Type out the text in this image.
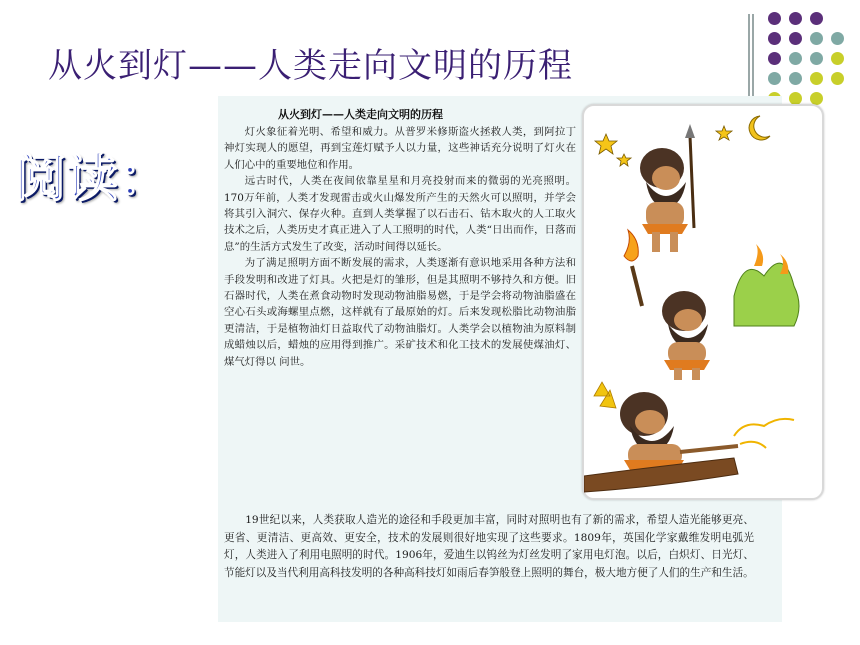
从火到灯——人类走向文明的历程
阅读：
从火到灯——人类走向文明的历程

灯火象征着光明、希望和威力。从普罗米修斯盗火拯救人类，到阿拉丁神灯实现人的愿望，再到宝莲灯赋予人以力量，这些神话充分说明了灯火在人们心中的重要地位和作用。

远古时代，人类在夜间依靠星星和月亮投射而来的微弱的光亮照明。170万年前，人类才发现雷击或火山爆发所产生的天然火可以照明，并学会将其引入洞穴、保存火种。直到人类掌握了以石击石、钻木取火的人工取火技术之后，人类历史才真正进入了人工照明的时代，人类“日出而作，日落而息”的生活方式发生了改变，活动时间得以延长。

为了满足照明方面不断发展的需求，人类逐渐有意识地采用各种方法和手段发明和改进了灯具。火把是灯的雏形，但是其照明不够持久和方便。旧石器时代，人类在煮食动物时发现动物油脂易燃，于是学会将动物油脂盛在空心石头或海螺里点燃，这样就有了最原始的灯。后来发现松脂比动物油脂更清洁，于是植物油灯日益取代了动物油脂灯。人类学会以植物油为原料制成蜡烛以后，蜡烛的应用得到推广。采矿技术和化工技术的发展使煤油灯、煤气灯得以 问世。

19世纪以来，人类获取人造光的途径和手段更加丰富，同时对照明也有了新的需求，希望人造光能够更亮、更省、更清洁、更高效、更安全，技术的发展则很好地实现了这些要求。1809年，英国化学家戴维发明电弧光灯，人类进入了利用电照明的时代。1906年，爱迪生以钨丝为灯丝发明了家用电灯泡。以后，白炽灯、日光灯、节能灯以及当代利用高科技发明的各种高科技灯如雨后春笋般登上照明的舞台，极大地方便了人们的生产和生活。
